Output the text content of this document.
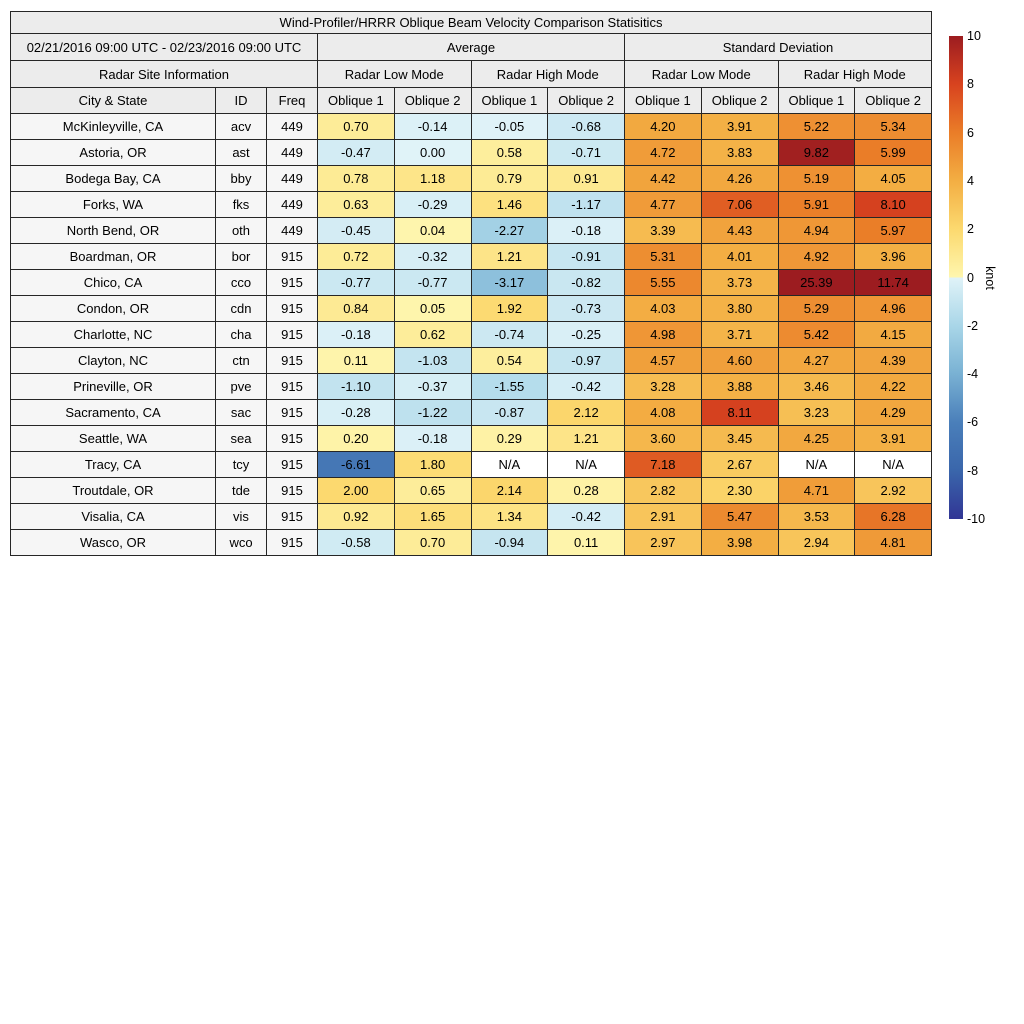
Wind-Profiler/HRRR Oblique Beam Velocity Comparison Statisitics										
02/21/2016 09:00 UTC - 02/23/2016 09:00 UTC			Average				Standard Deviation			
Radar Site Information			Radar Low Mode		Radar High Mode		Radar Low Mode		Radar High Mode	
City & State	ID	Freq	Oblique 1	Oblique 2	Oblique 1	Oblique 2	Oblique 1	Oblique 2	Oblique 1	Oblique 2
McKinleyville, CA	acv	449	0.70	-0.14	-0.05	-0.68	4.20	3.91	5.22	5.34
Astoria, OR	ast	449	-0.47	0.00	0.58	-0.71	4.72	3.83	9.82	5.99
Bodega Bay, CA	bby	449	0.78	1.18	0.79	0.91	4.42	4.26	5.19	4.05
Forks, WA	fks	449	0.63	-0.29	1.46	-1.17	4.77	7.06	5.91	8.10
North Bend, OR	oth	449	-0.45	0.04	-2.27	-0.18	3.39	4.43	4.94	5.97
Boardman, OR	bor	915	0.72	-0.32	1.21	-0.91	5.31	4.01	4.92	3.96
Chico, CA	cco	915	-0.77	-0.77	-3.17	-0.82	5.55	3.73	25.39	11.74
Condon, OR	cdn	915	0.84	0.05	1.92	-0.73	4.03	3.80	5.29	4.96
Charlotte, NC	cha	915	-0.18	0.62	-0.74	-0.25	4.98	3.71	5.42	4.15
Clayton, NC	ctn	915	0.11	-1.03	0.54	-0.97	4.57	4.60	4.27	4.39
Prineville, OR	pve	915	-1.10	-0.37	-1.55	-0.42	3.28	3.88	3.46	4.22
Sacramento, CA	sac	915	-0.28	-1.22	-0.87	2.12	4.08	8.11	3.23	4.29
Seattle, WA	sea	915	0.20	-0.18	0.29	1.21	3.60	3.45	4.25	3.91
Tracy, CA	tcy	915	-6.61	1.80	N/A	N/A	7.18	2.67	N/A	N/A
Troutdale, OR	tde	915	2.00	0.65	2.14	0.28	2.82	2.30	4.71	2.92
Visalia, CA	vis	915	0.92	1.65	1.34	-0.42	2.91	5.47	3.53	6.28
Wasco, OR	wco	915	-0.58	0.70	-0.94	0.11	2.97	3.98	2.94	4.81
10
8
6
4
2
0
-2
-4
-6
-8
-10
knot
